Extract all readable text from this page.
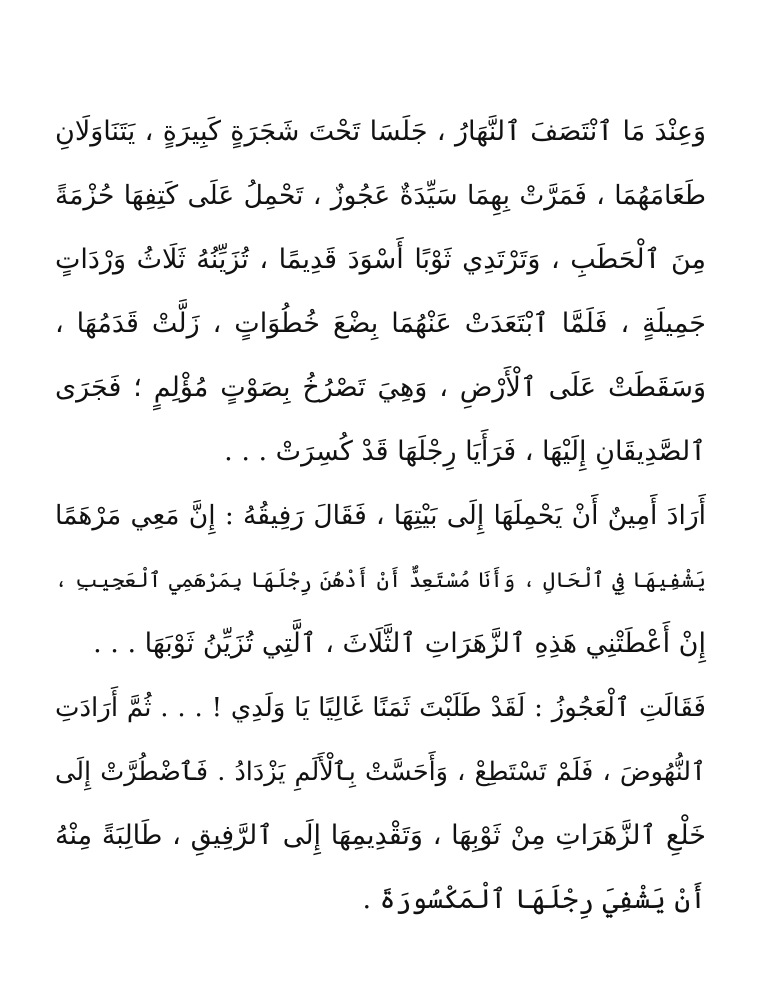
وَعِنْدَ مَا ٱنْتَصَفَ ٱلنَّهَارُ ، جَلَسَا تَحْتَ شَجَرَةٍ كَبِيرَةٍ ، يَتَنَاوَلَانِ
طَعَامَهُمَا ، فَمَرَّتْ بِهِمَا سَيِّدَةٌ عَجُوزٌ ، تَحْمِلُ عَلَى كَتِفِهَا حُزْمَةً
مِنَ ٱلْحَطَبِ ، وَتَرْتَدِي ثَوْبًا أَسْوَدَ قَدِيمًا ، تُزَيِّنُهُ ثَلَاثُ وَرْدَاتٍ
جَمِيلَةٍ ، فَلَمَّا ٱبْتَعَدَتْ عَنْهُمَا بِضْعَ خُطُوَاتٍ ، زَلَّتْ قَدَمُهَا ،
وَسَقَطَتْ عَلَى ٱلْأَرْضِ ، وَهِيَ تَصْرُخُ بِصَوْتٍ مُؤْلِمٍ ؛ فَجَرَى
ٱلصَّدِيقَانِ إِلَيْهَا ، فَرَأَيَا رِجْلَهَا قَدْ كُسِرَتْ . . .
أَرَادَ أَمِينٌ أَنْ يَحْمِلَهَا إِلَى بَيْتِهَا ، فَقَالَ رَفِيقُهُ : إِنَّ مَعِي مَرْهَمًا
يَشْفِيهَا فِي ٱلْحَالِ ، وَأَنَا مُسْتَعِدٌّ أَنْ أَدْهُنَ رِجْلَهَا بِمَرْهَمِي ٱلْعَجِيبِ ،
إِنْ أَعْطَتْنِي هَذِهِ ٱلزَّهَرَاتِ ٱلثَّلَاثَ ، ٱلَّتِي تُزَيِّنُ ثَوْبَهَا . . .
فَقَالَتِ ٱلْعَجُوزُ : لَقَدْ طَلَبْتَ ثَمَنًا غَالِيًا يَا وَلَدِي ! . . . ثُمَّ أَرَادَتِ
ٱلنُّهُوضَ ، فَلَمْ تَسْتَطِعْ ، وَأَحَسَّتْ بِٱلْأَلَمِ يَزْدَادُ . فَٱضْطُرَّتْ إِلَى
خَلْعِ ٱلزَّهَرَاتِ مِنْ ثَوْبِهَا ، وَتَقْدِيمِهَا إِلَى ٱلرَّفِيقِ ، طَالِبَةً مِنْهُ
أَنْ يَشْفِيَ رِجْلَهَا ٱلْمَكْسُورَةَ .
